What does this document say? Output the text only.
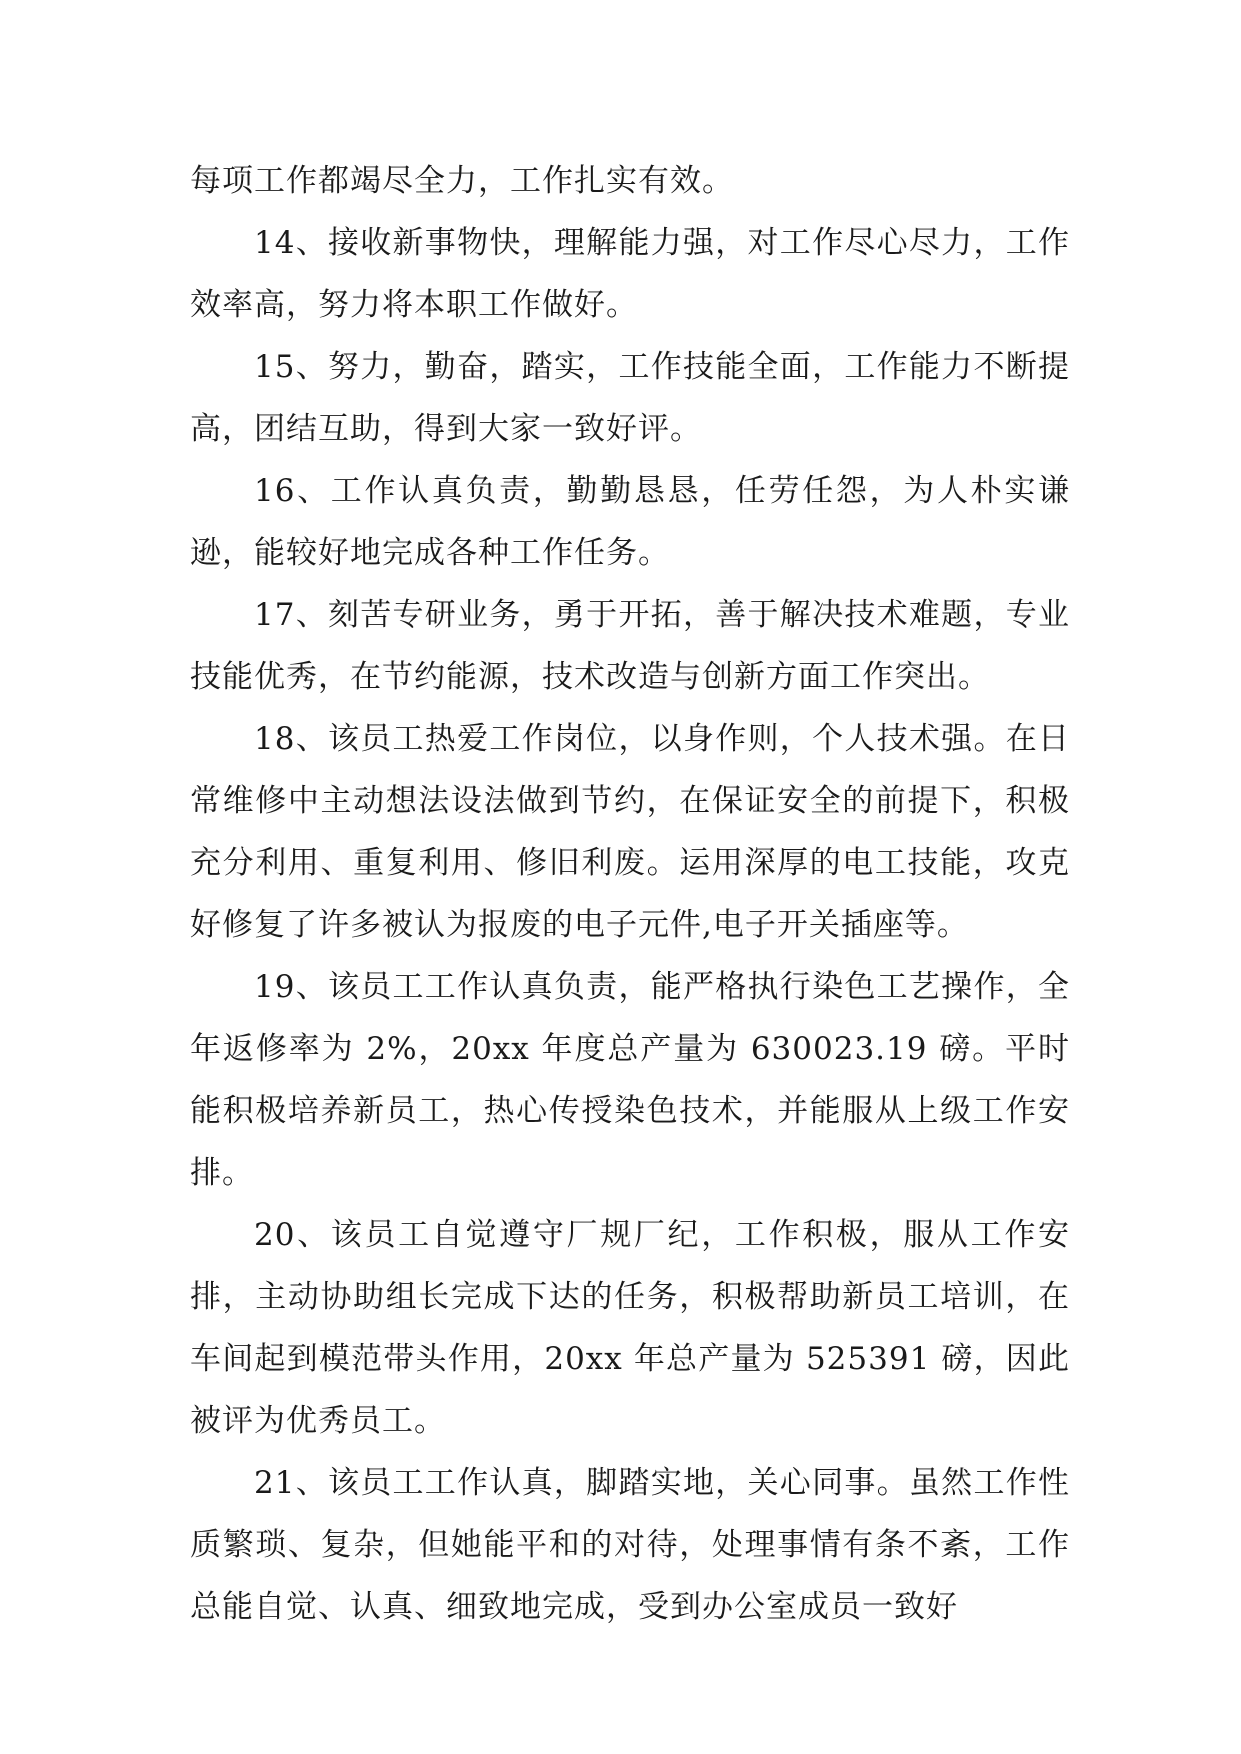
每项工作都竭尽全力，工作扎实有效。

14、接收新事物快，理解能力强，对工作尽心尽力，工作效率高，努力将本职工作做好。

15、努力，勤奋，踏实，工作技能全面，工作能力不断提高，团结互助，得到大家一致好评。

16、工作认真负责，勤勤恳恳，任劳任怨，为人朴实谦逊，能较好地完成各种工作任务。

17、刻苦专研业务，勇于开拓，善于解决技术难题，专业技能优秀，在节约能源，技术改造与创新方面工作突出。

18、该员工热爱工作岗位，以身作则，个人技术强。在日常维修中主动想法设法做到节约，在保证安全的前提下，积极充分利用、重复利用、修旧利废。运用深厚的电工技能，攻克好修复了许多被认为报废的电子元件,电子开关插座等。

19、该员工工作认真负责，能严格执行染色工艺操作，全年返修率为 2%，20xx 年度总产量为 630023.19 磅。平时能积极培养新员工，热心传授染色技术，并能服从上级工作安排。

20、该员工自觉遵守厂规厂纪，工作积极，服从工作安排，主动协助组长完成下达的任务，积极帮助新员工培训，在车间起到模范带头作用，20xx 年总产量为 525391 磅，因此被评为优秀员工。

21、该员工工作认真，脚踏实地，关心同事。虽然工作性质繁琐、复杂，但她能平和的对待，处理事情有条不紊，工作总能自觉、认真、细致地完成，受到办公室成员一致好
